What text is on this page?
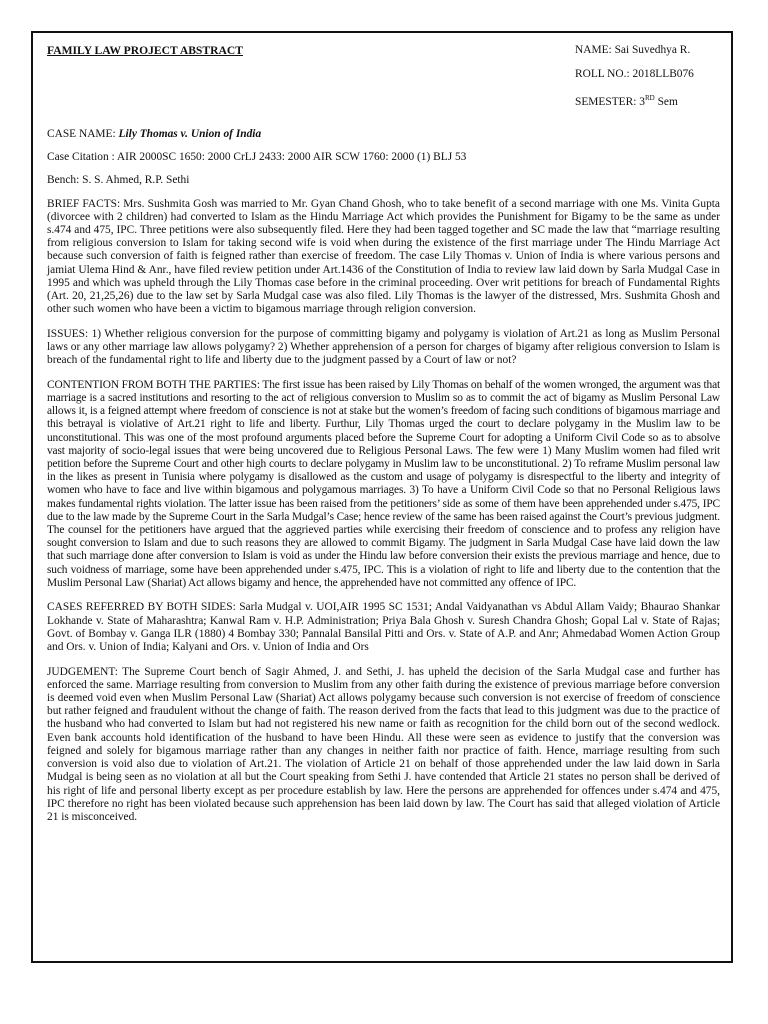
FAMILY LAW PROJECT ABSTRACT	NAME: Sai Suvedhya R.
ROLL NO.: 2018LLB076
SEMESTER: 3RD Sem

CASE NAME: Lily Thomas v. Union of India

Case Citation : AIR 2000SC 1650: 2000 CrLJ 2433: 2000 AIR SCW 1760: 2000 (1) BLJ 53

Bench: S. S. Ahmed, R.P. Sethi

BRIEF FACTS: Mrs. Sushmita Gosh was married to Mr. Gyan Chand Ghosh, who to take benefit of a second marriage with one Ms. Vinita Gupta (divorcee with 2 children) had converted to Islam as the Hindu Marriage Act which provides the Punishment for Bigamy to be the same as under s.474 and 475, IPC. Three petitions were also subsequently filed. Here they had been tagged together and SC made the law that “marriage resulting from religious conversion to Islam for taking second wife is void when during the existence of the first marriage under The Hindu Marriage Act because such conversion of faith is feigned rather than exercise of freedom. The case Lily Thomas v. Union of India is where various persons and jamiat Ulema Hind & Anr., have filed review petition under Art.1436 of the Constitution of India to review law laid down by Sarla Mudgal Case in 1995 and which was upheld through the Lily Thomas case before in the criminal proceeding. Over writ petitions for breach of Fundamental Rights (Art. 20, 21,25,26) due to the law set by Sarla Mudgal case was also filed. Lily Thomas is the lawyer of the distressed, Mrs. Sushmita Ghosh and other such women who have been a victim to bigamous marriage through religion conversion.

ISSUES: 1) Whether religious conversion for the purpose of committing bigamy and polygamy is violation of Art.21 as long as Muslim Personal laws or any other marriage law allows polygamy? 2) Whether apprehension of a person for charges of bigamy after religious conversion to Islam is breach of the fundamental right to life and liberty due to the judgment passed by a Court of law or not?

CONTENTION FROM BOTH THE PARTIES: The first issue has been raised by Lily Thomas on behalf of the women wronged, the argument was that marriage is a sacred institutions and resorting to the act of religious conversion to Muslim so as to commit the act of bigamy as Muslim Personal Law allows it, is a feigned attempt where freedom of conscience is not at stake but the women’s freedom of facing such conditions of bigamous marriage and this betrayal is violative of Art.21 right to life and liberty. Furthur, Lily Thomas urged the court to declare polygamy in the Muslim law to be unconstitutional. This was one of the most profound arguments placed before the Supreme Court for adopting a Uniform Civil Code so as to absolve vast majority of socio-legal issues that were being uncovered due to Religious Personal Laws. The few were 1) Many Muslim women had filed writ petition before the Supreme Court and other high courts to declare polygamy in Muslim law to be unconstitutional. 2) To reframe Muslim personal law in the likes as present in Tunisia where polygamy is disallowed as the custom and usage of polygamy is disrespectful to the liberty and integrity of women who have to face and live within bigamous and polygamous marriages. 3) To have a Uniform Civil Code so that no Personal Religious laws makes fundamental rights violation. The latter issue has been raised from the petitioners’ side as some of them have been apprehended under s.475, IPC due to the law made by the Supreme Court in the Sarla Mudgal’s Case; hence review of the same has been raised against the Court’s previous judgment. The counsel for the petitioners have argued that the aggrieved parties while exercising their freedom of conscience and to profess any religion have sought conversion to Islam and due to such reasons they are allowed to commit Bigamy. The judgment in Sarla Mudgal Case have laid down the law that such marriage done after conversion to Islam is void as under the Hindu law before conversion their exists the previous marriage and hence, due to such voidness of marriage, some have been apprehended under s.475, IPC. This is a violation of right to life and liberty due to the contention that the Muslim Personal Law (Shariat) Act allows bigamy and hence, the apprehended have not committed any offence of IPC.

CASES REFERRED BY BOTH SIDES: Sarla Mudgal v. UOI,AIR 1995 SC 1531; Andal Vaidyanathan vs Abdul Allam Vaidy; Bhaurao Shankar Lokhande v. State of Maharashtra; Kanwal Ram v. H.P. Administration; Priya Bala Ghosh v. Suresh Chandra Ghosh; Gopal Lal v. State of Rajas; Govt. of Bombay v. Ganga ILR (1880) 4 Bombay 330; Pannalal Bansilal Pitti and Ors. v. State of A.P. and Anr; Ahmedabad Women Action Group and Ors. v. Union of India; Kalyani and Ors. v. Union of India and Ors

JUDGEMENT: The Supreme Court bench of Sagir Ahmed, J. and Sethi, J. has upheld the decision of the Sarla Mudgal case and further has enforced the same. Marriage resulting from conversion to Muslim from any other faith during the existence of previous marriage before conversion is deemed void even when Muslim Personal Law (Shariat) Act allows polygamy because such conversion is not exercise of freedom of conscience but rather feigned and fraudulent without the change of faith. The reason derived from the facts that lead to this judgment was due to the practice of the husband who had converted to Islam but had not registered his new name or faith as recognition for the child born out of the second wedlock. Even bank accounts hold identification of the husband to have been Hindu. All these were seen as evidence to justify that the conversion was feigned and solely for bigamous marriage rather than any changes in neither faith nor practice of faith. Hence, marriage resulting from such conversion is void also due to violation of Art.21. The violation of Article 21 on behalf of those apprehended under the law laid down in Sarla Mudgal is being seen as no violation at all but the Court speaking from Sethi J. have contended that Article 21 states no person shall be derived of his right of life and personal liberty except as per procedure establish by law. Here the persons are apprehended for offences under s.474 and 475, IPC therefore no right has been violated because such apprehension has been laid down by law. The Court has said that alleged violation of Article 21 is misconceived.
